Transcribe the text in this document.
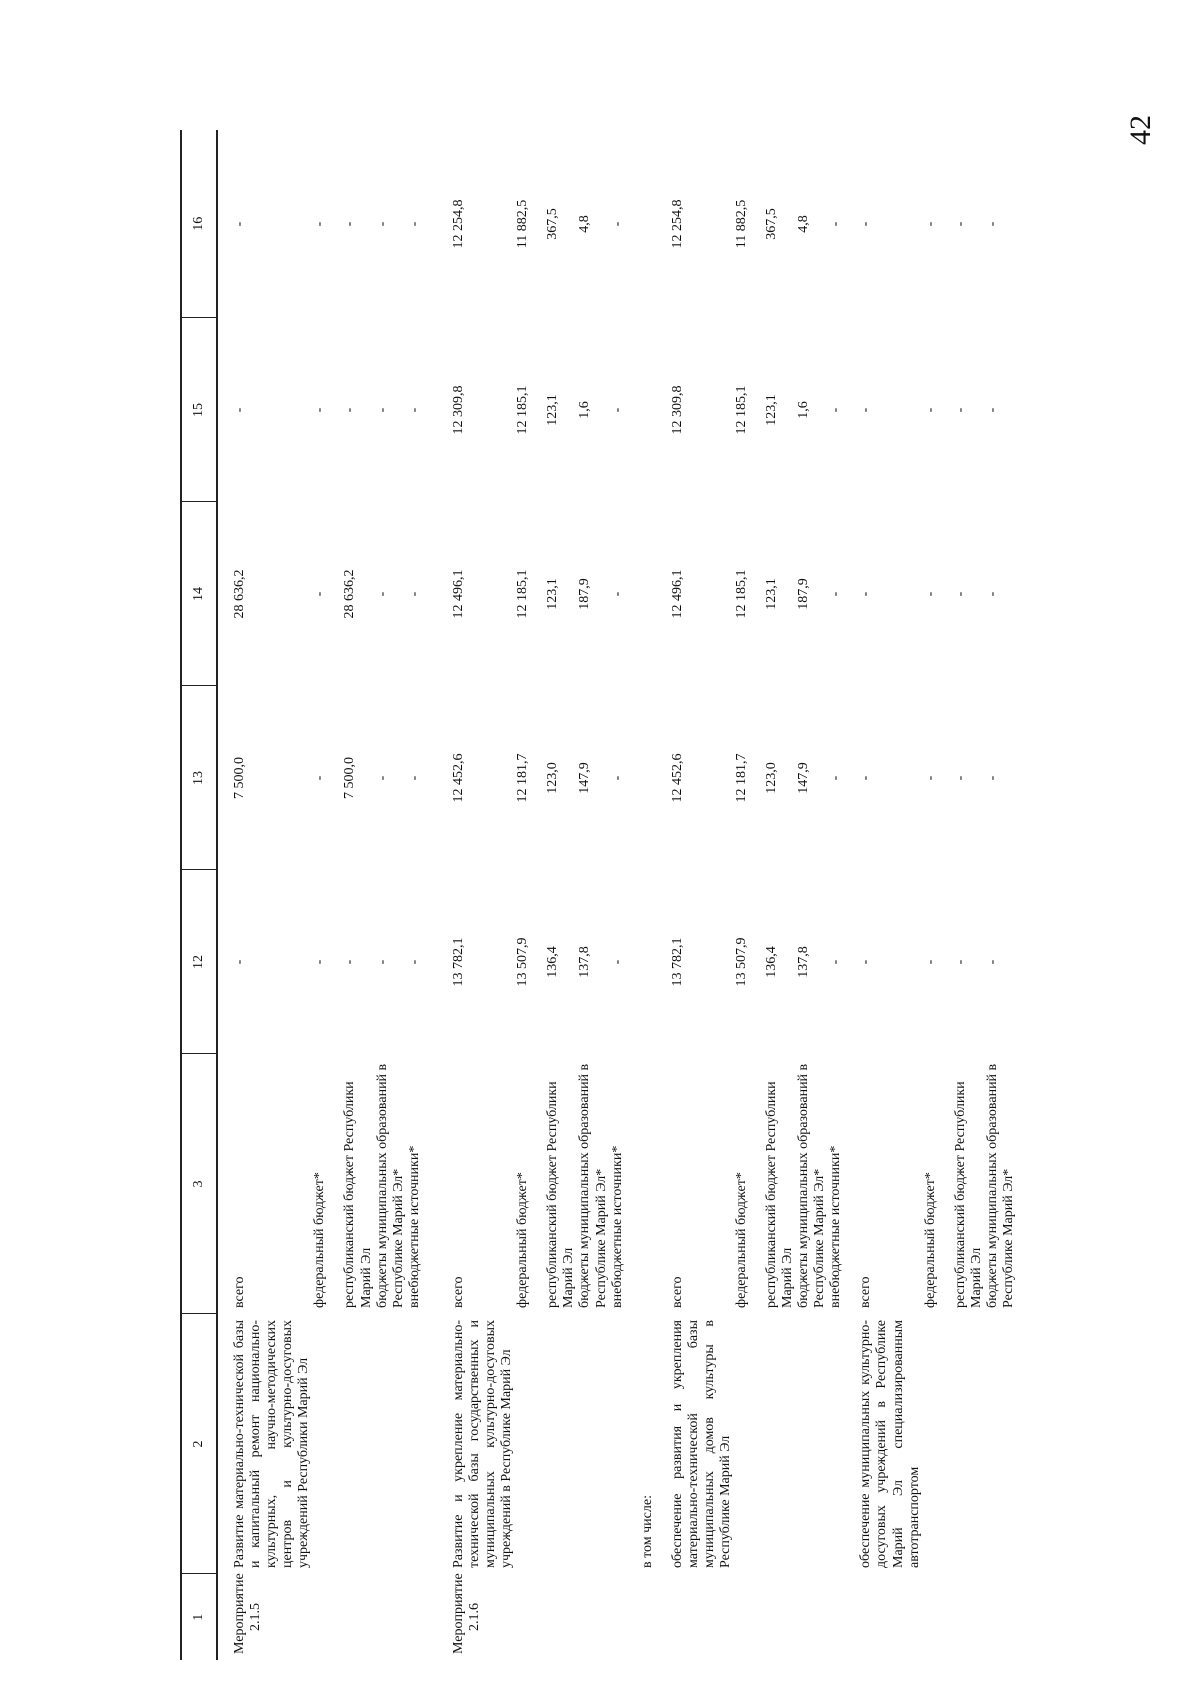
42
1	2	3	12	13	14	15	16
Мероприятие 2.1.5	Развитие материально-технической базы и капитальный ремонт национально-культурных, научно-методических центров и культурно-досуговых учреждений Республики Марий Эл	всего	-	7 500,0	28 636,2	-	-
		федеральный бюджет*	-	-	-	-	-
		республиканский бюджет Республики Марий Эл	-	7 500,0	28 636,2	-	-
		бюджеты муниципальных образований в Республике Марий Эл*	-	-	-	-	-
		внебюджетные источники*	-	-	-	-	-
Мероприятие 2.1.6	Развитие и укрепление материально-технической базы государственных и муниципальных культурно-досуговых учреждений в Республике Марий Эл	всего	13 782,1	12 452,6	12 496,1	12 309,8	12 254,8
		федеральный бюджет*	13 507,9	12 181,7	12 185,1	12 185,1	11 882,5
		республиканский бюджет Республики Марий Эл	136,4	123,0	123,1	123,1	367,5
		бюджеты муниципальных образований в Республике Марий Эл*	137,8	147,9	187,9	1,6	4,8
		внебюджетные источники*	-	-	-	-	-
	в том числе:						
	обеспечение развития и укрепления материально-технической базы муниципальных домов культуры в Республике Марий Эл	всего	13 782,1	12 452,6	12 496,1	12 309,8	12 254,8
		федеральный бюджет*	13 507,9	12 181,7	12 185,1	12 185,1	11 882,5
		республиканский бюджет Республики Марий Эл	136,4	123,0	123,1	123,1	367,5
		бюджеты муниципальных образований в Республике Марий Эл*	137,8	147,9	187,9	1,6	4,8
		внебюджетные источники*	-	-	-	-	-
	обеспечение муниципальных культурно-досуговых учреждений в Республике Марий Эл специализированным автотранспортом	всего	-	-	-	-	-
		федеральный бюджет*	-	-	-	-	-
		республиканский бюджет Республики Марий Эл	-	-	-	-	-
		бюджеты муниципальных образований в Республике Марий Эл*	-	-	-	-	-
